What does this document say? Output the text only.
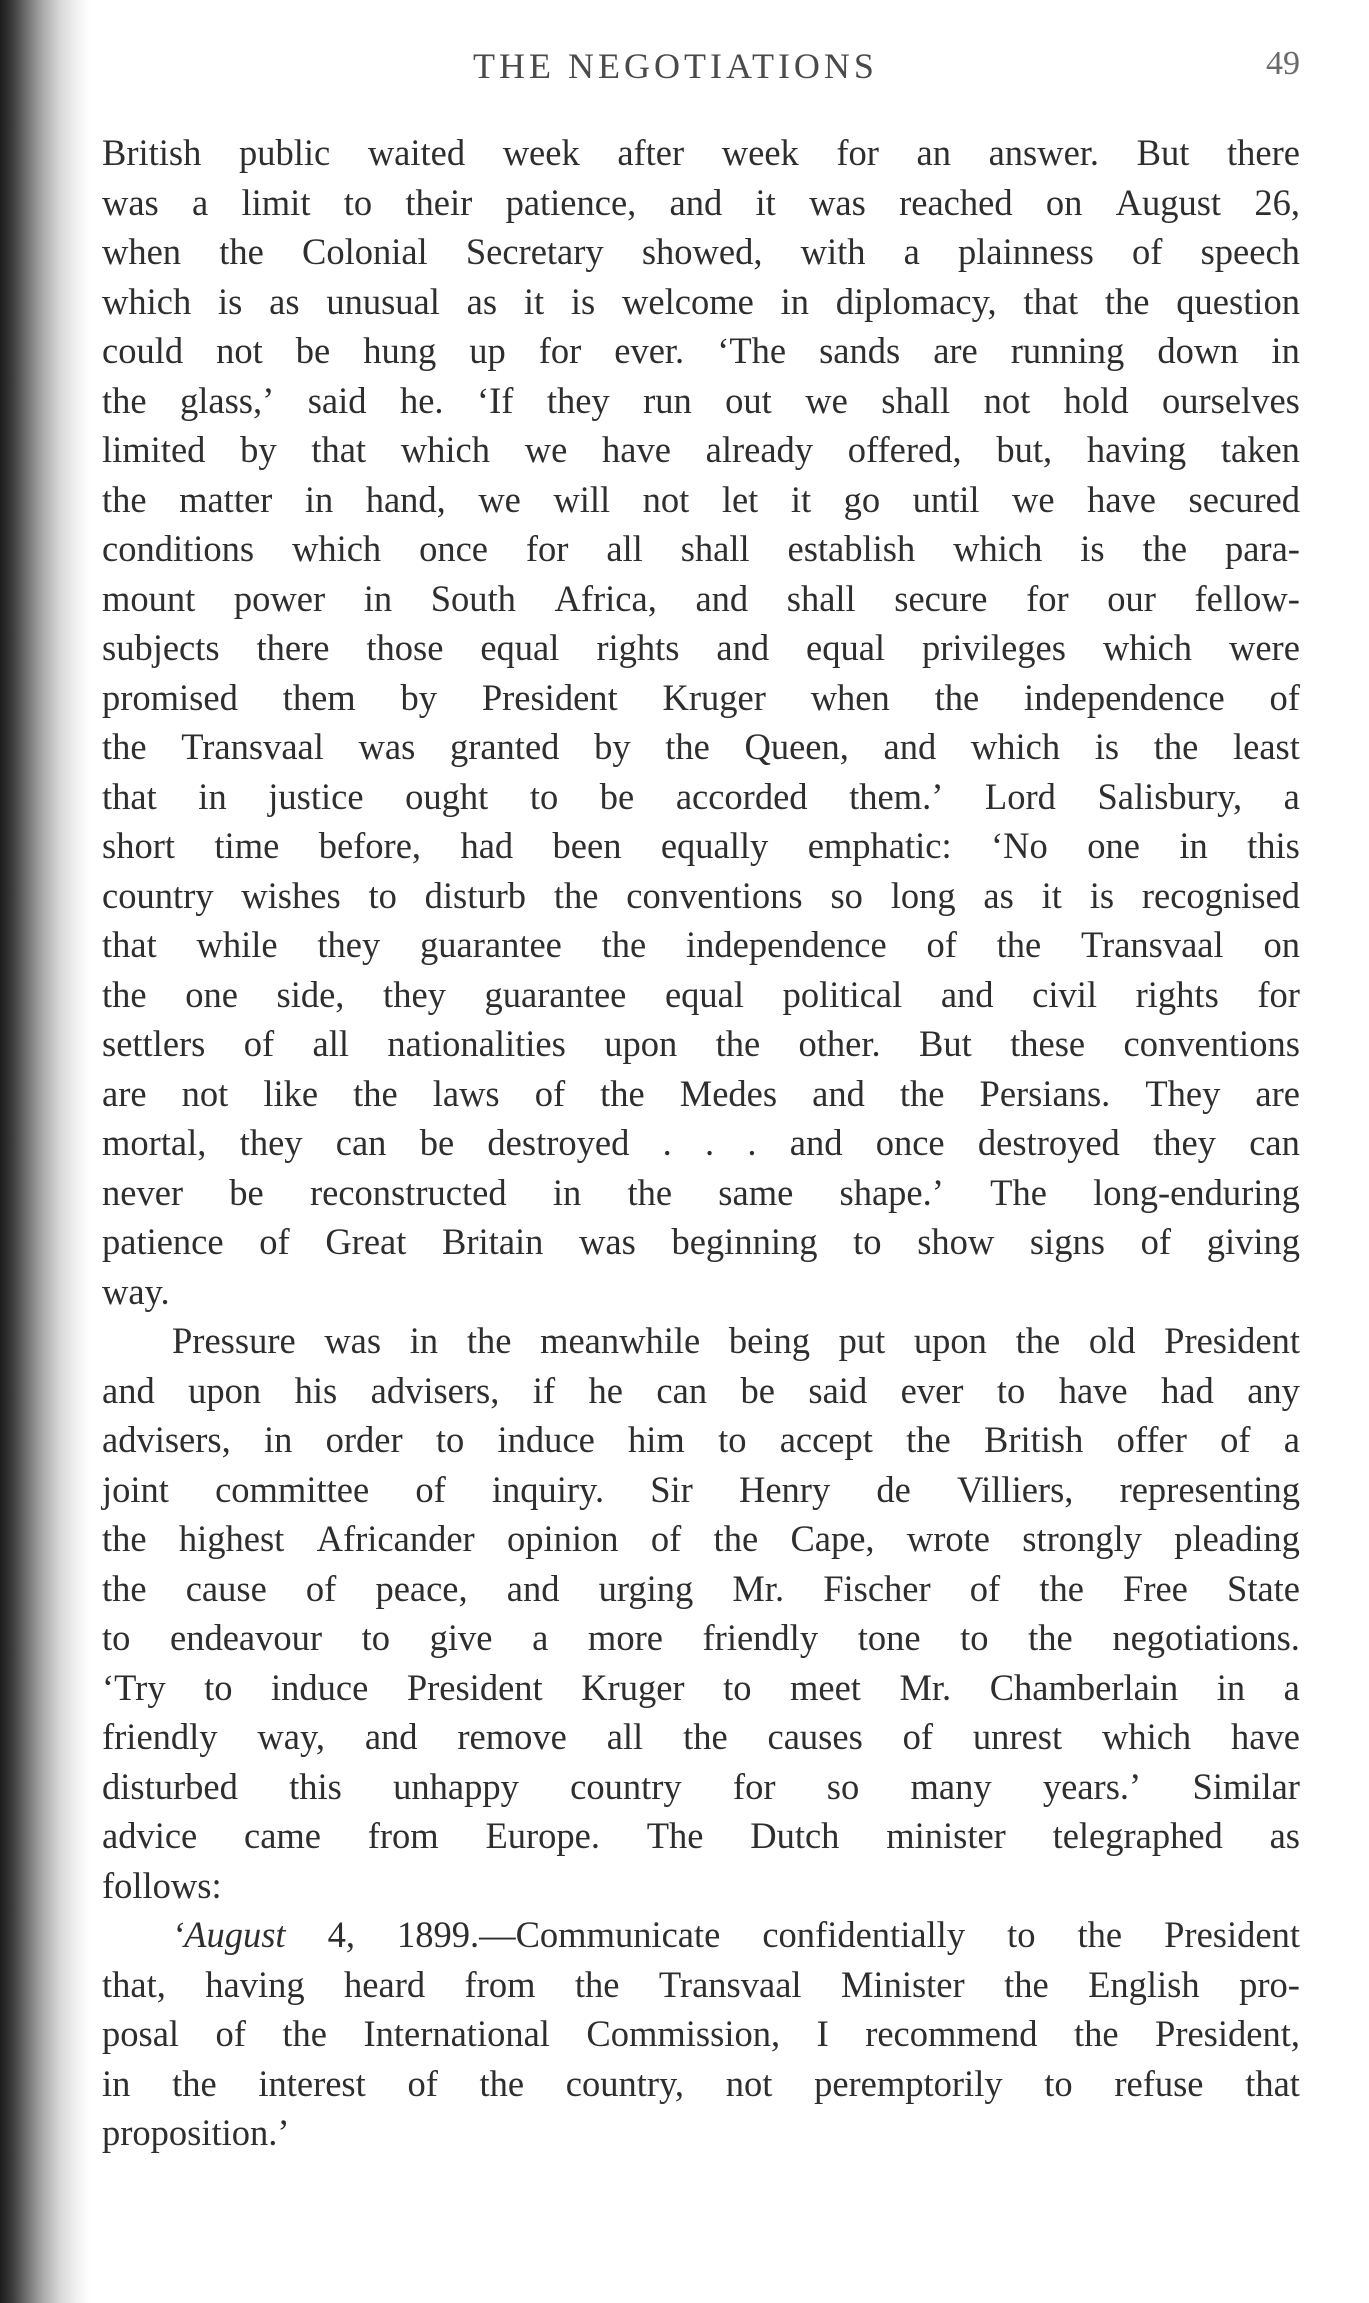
THE NEGOTIATIONS	49
British public waited week after week for an answer. But there
was a limit to their patience, and it was reached on August 26,
when the Colonial Secretary showed, with a plainness of speech
which is as unusual as it is welcome in diplomacy, that the question
could not be hung up for ever. ‘The sands are running down in
the glass,’ said he. ‘If they run out we shall not hold ourselves
limited by that which we have already offered, but, having taken
the matter in hand, we will not let it go until we have secured
conditions which once for all shall establish which is the para-
mount power in South Africa, and shall secure for our fellow-
subjects there those equal rights and equal privileges which were
promised them by President Kruger when the independence of
the Transvaal was granted by the Queen, and which is the least
that in justice ought to be accorded them.’ Lord Salisbury, a
short time before, had been equally emphatic: ‘No one in this
country wishes to disturb the conventions so long as it is recognised
that while they guarantee the independence of the Transvaal on
the one side, they guarantee equal political and civil rights for
settlers of all nationalities upon the other. But these conventions
are not like the laws of the Medes and the Persians. They are
mortal, they can be destroyed . . . and once destroyed they can
never be reconstructed in the same shape.’ The long-enduring
patience of Great Britain was beginning to show signs of giving
way.
Pressure was in the meanwhile being put upon the old President
and upon his advisers, if he can be said ever to have had any
advisers, in order to induce him to accept the British offer of a
joint committee of inquiry. Sir Henry de Villiers, representing
the highest Africander opinion of the Cape, wrote strongly pleading
the cause of peace, and urging Mr. Fischer of the Free State
to endeavour to give a more friendly tone to the negotiations.
‘Try to induce President Kruger to meet Mr. Chamberlain in a
friendly way, and remove all the causes of unrest which have
disturbed this unhappy country for so many years.’ Similar
advice came from Europe. The Dutch minister telegraphed as
follows:
‘August 4, 1899.—Communicate confidentially to the President
that, having heard from the Transvaal Minister the English pro-
posal of the International Commission, I recommend the President,
in the interest of the country, not peremptorily to refuse that
proposition.’
